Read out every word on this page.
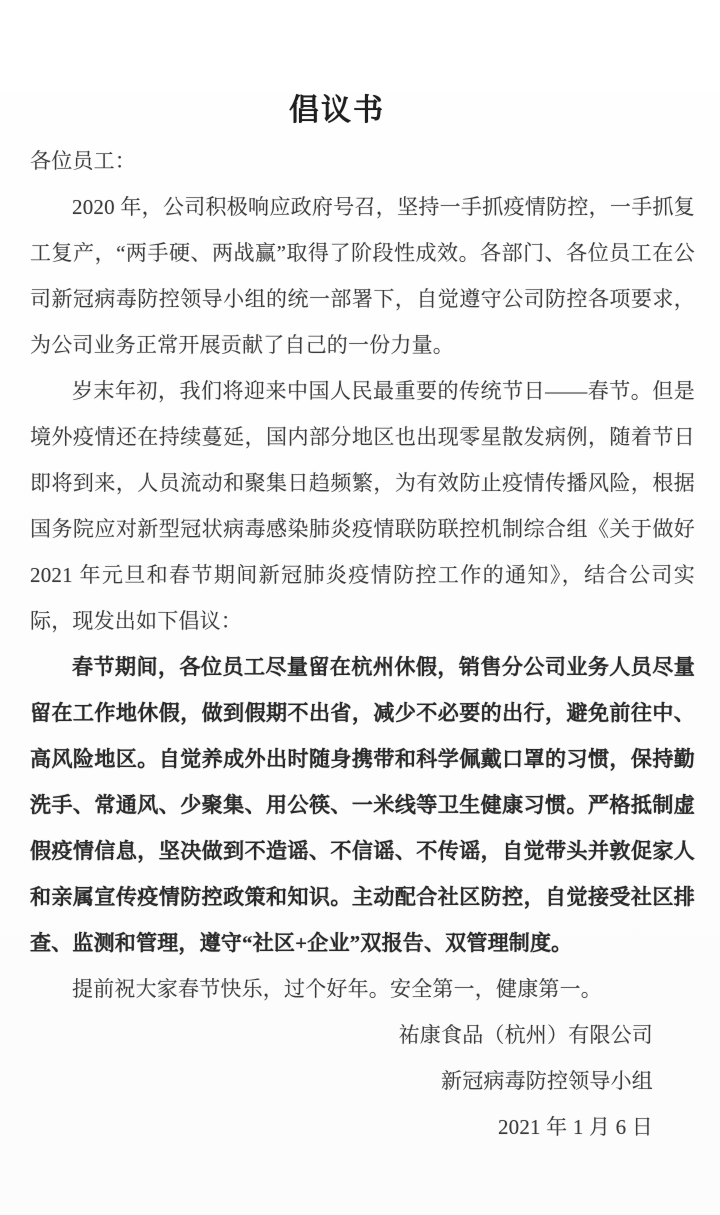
倡议书

各位员工：

2020 年，公司积极响应政府号召，坚持一手抓疫情防控，一手抓复工复产，“两手硬、两战赢”取得了阶段性成效。各部门、各位员工在公司新冠病毒防控领导小组的统一部署下，自觉遵守公司防控各项要求，为公司业务正常开展贡献了自己的一份力量。

岁末年初，我们将迎来中国人民最重要的传统节日——春节。但是境外疫情还在持续蔓延，国内部分地区也出现零星散发病例，随着节日即将到来，人员流动和聚集日趋频繁，为有效防止疫情传播风险，根据国务院应对新型冠状病毒感染肺炎疫情联防联控机制综合组《关于做好 2021 年元旦和春节期间新冠肺炎疫情防控工作的通知》，结合公司实际，现发出如下倡议：

春节期间，各位员工尽量留在杭州休假，销售分公司业务人员尽量留在工作地休假，做到假期不出省，减少不必要的出行，避免前往中、高风险地区。自觉养成外出时随身携带和科学佩戴口罩的习惯，保持勤洗手、常通风、少聚集、用公筷、一米线等卫生健康习惯。严格抵制虚假疫情信息，坚决做到不造谣、不信谣、不传谣，自觉带头并敦促家人和亲属宣传疫情防控政策和知识。主动配合社区防控，自觉接受社区排查、监测和管理，遵守“社区+企业”双报告、双管理制度。

提前祝大家春节快乐，过个好年。安全第一，健康第一。

祐康食品（杭州）有限公司

新冠病毒防控领导小组

2021 年 1 月 6 日
